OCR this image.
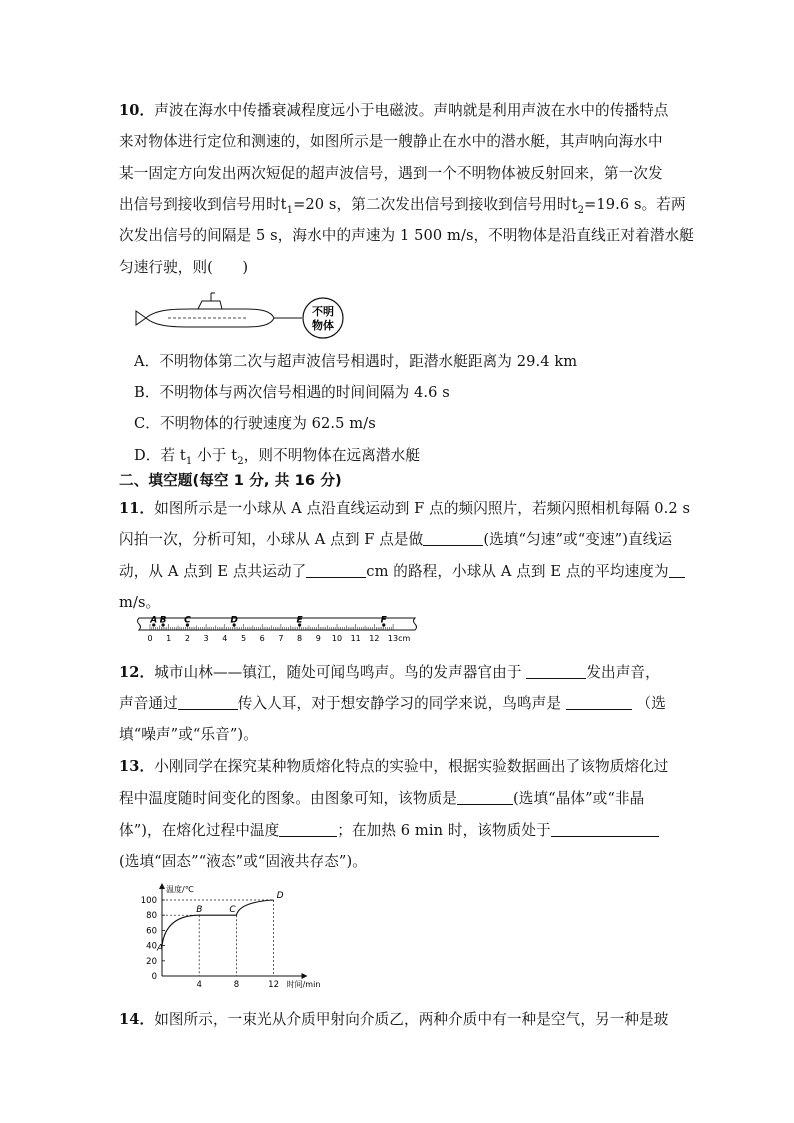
10．声波在海水中传播衰减程度远小于电磁波。声呐就是利用声波在水中的传播特点
来对物体进行定位和测速的，如图所示是一艘静止在水中的潜水艇，其声呐向海水中
某一固定方向发出两次短促的超声波信号，遇到一个不明物体被反射回来，第一次发
出信号到接收到信号用时$t_1=20$ s，第二次发出信号到接收到信号用时$t_2=19.6$ s。若两
次发出信号的间隔是 5 s，海水中的声速为 1 500 m/s，不明物体是沿直线正对着潜水艇
匀速行驶，则(　　)
不明
物体
A．不明物体第二次与超声波信号相遇时，距潜水艇距离为 29.4 km
B．不明物体与两次信号相遇的时间间隔为 4.6 s
C．不明物体的行驶速度为 62.5 m/s
D．若 $t_1$ 小于 $t_2$，则不明物体在远离潜水艇
二、填空题(每空 1 分, 共 16 分)
11．如图所示是一小球从 A 点沿直线运动到 F 点的频闪照片，若频闪照相机每隔 0.2 s
闪拍一次，分析可知，小球从 A 点到 F 点是做	(选填“匀速”或“变速”)直线运
动，从 A 点到 E 点共运动了	cm 的路程，小球从 A 点到 E 点的平均速度为
m/s。
0 1 2 3 4 5 6 7 8 9 10 11 12 13cm
A B C	D	E	F
12．城市山林——镇江，随处可闻鸟鸣声。鸟的发声器官由于	发出声音，
声音通过	传入人耳，对于想安静学习的同学来说，鸟鸣声是	（选
填“噪声”或“乐音”)。
13．小刚同学在探究某种物质熔化特点的实验中，根据实验数据画出了该物质熔化过
程中温度随时间变化的图象。由图象可知，该物质是	(选填“晶体”或“非晶
体”)，在熔化过程中温度	；在加热 6 min 时，该物质处于
(选填“固态”“液态”或“固液共存态”)。
温度/℃
时间/min
0
20
40
60
80
100
4	8	12
A
B	C
D
14．如图所示，一束光从介质甲射向介质乙，两种介质中有一种是空气，另一种是玻
